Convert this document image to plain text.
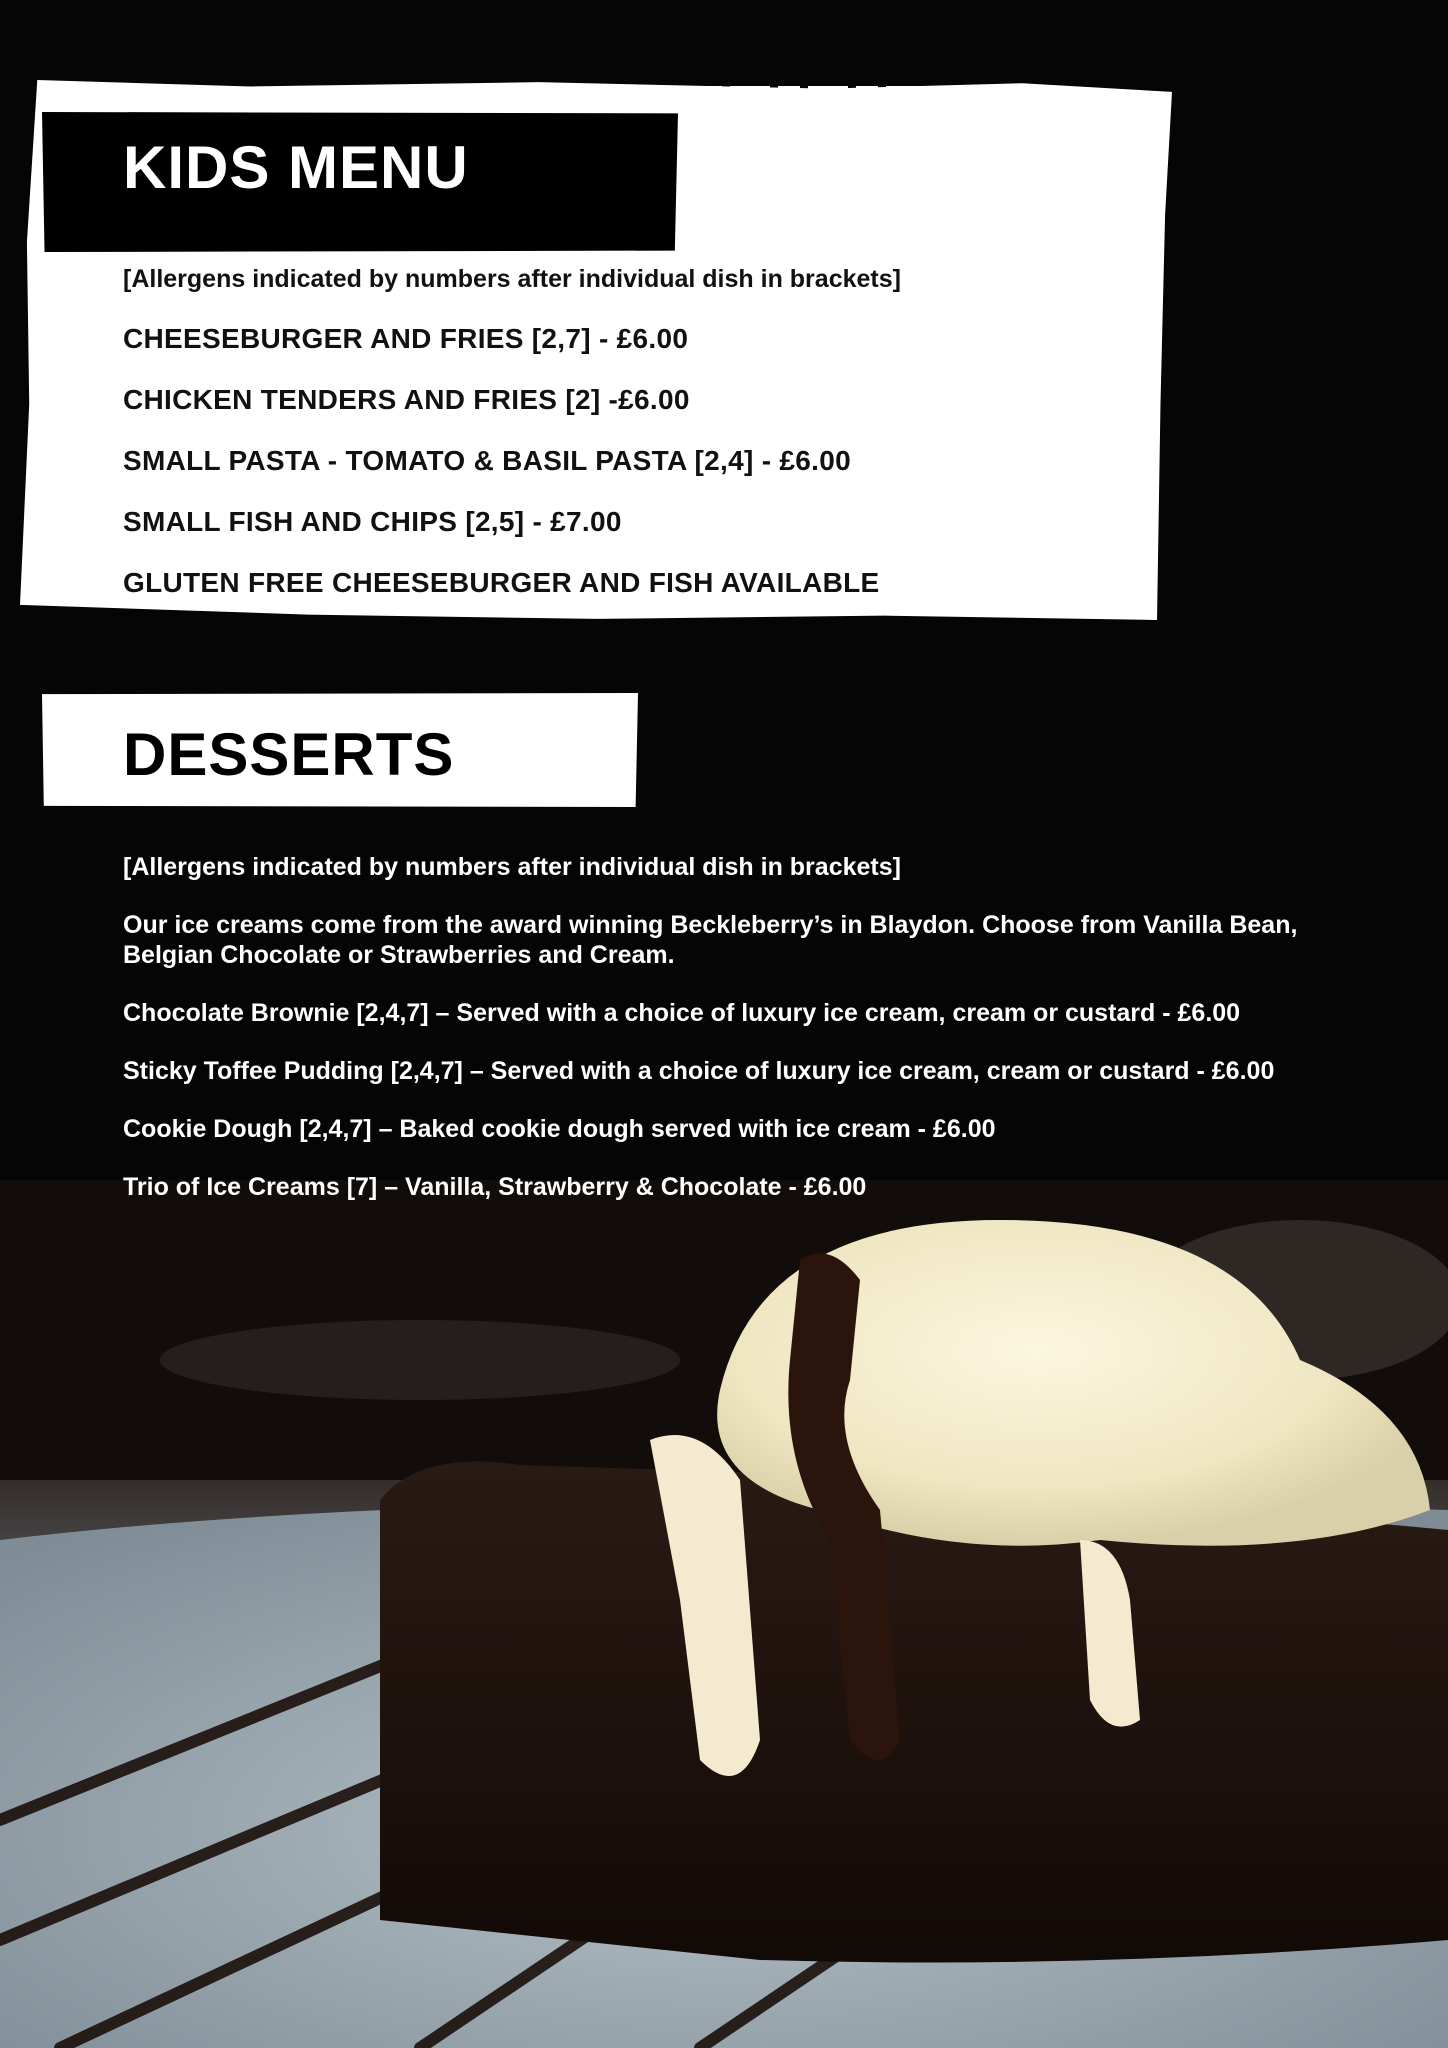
KIDS MENU
[Allergens indicated by numbers after individual dish in brackets]
CHEESEBURGER AND FRIES [2,7] - £6.00
CHICKEN TENDERS AND FRIES [2] -£6.00
SMALL PASTA - TOMATO & BASIL PASTA [2,4] - £6.00
SMALL FISH AND CHIPS [2,5] - £7.00
GLUTEN FREE CHEESEBURGER AND FISH AVAILABLE
DESSERTS

[Allergens indicated by numbers after individual dish in brackets]

Our ice creams come from the award winning Beckleberry’s in Blaydon. Choose from Vanilla Bean, Belgian Chocolate or Strawberries and Cream.

Chocolate Brownie [2,4,7] – Served with a choice of luxury ice cream, cream or custard - £6.00

Sticky Toffee Pudding [2,4,7] – Served with a choice of luxury ice cream, cream or custard - £6.00

Cookie Dough [2,4,7] – Baked cookie dough served with ice cream - £6.00

Trio of Ice Creams [7] – Vanilla, Strawberry & Chocolate - £6.00
